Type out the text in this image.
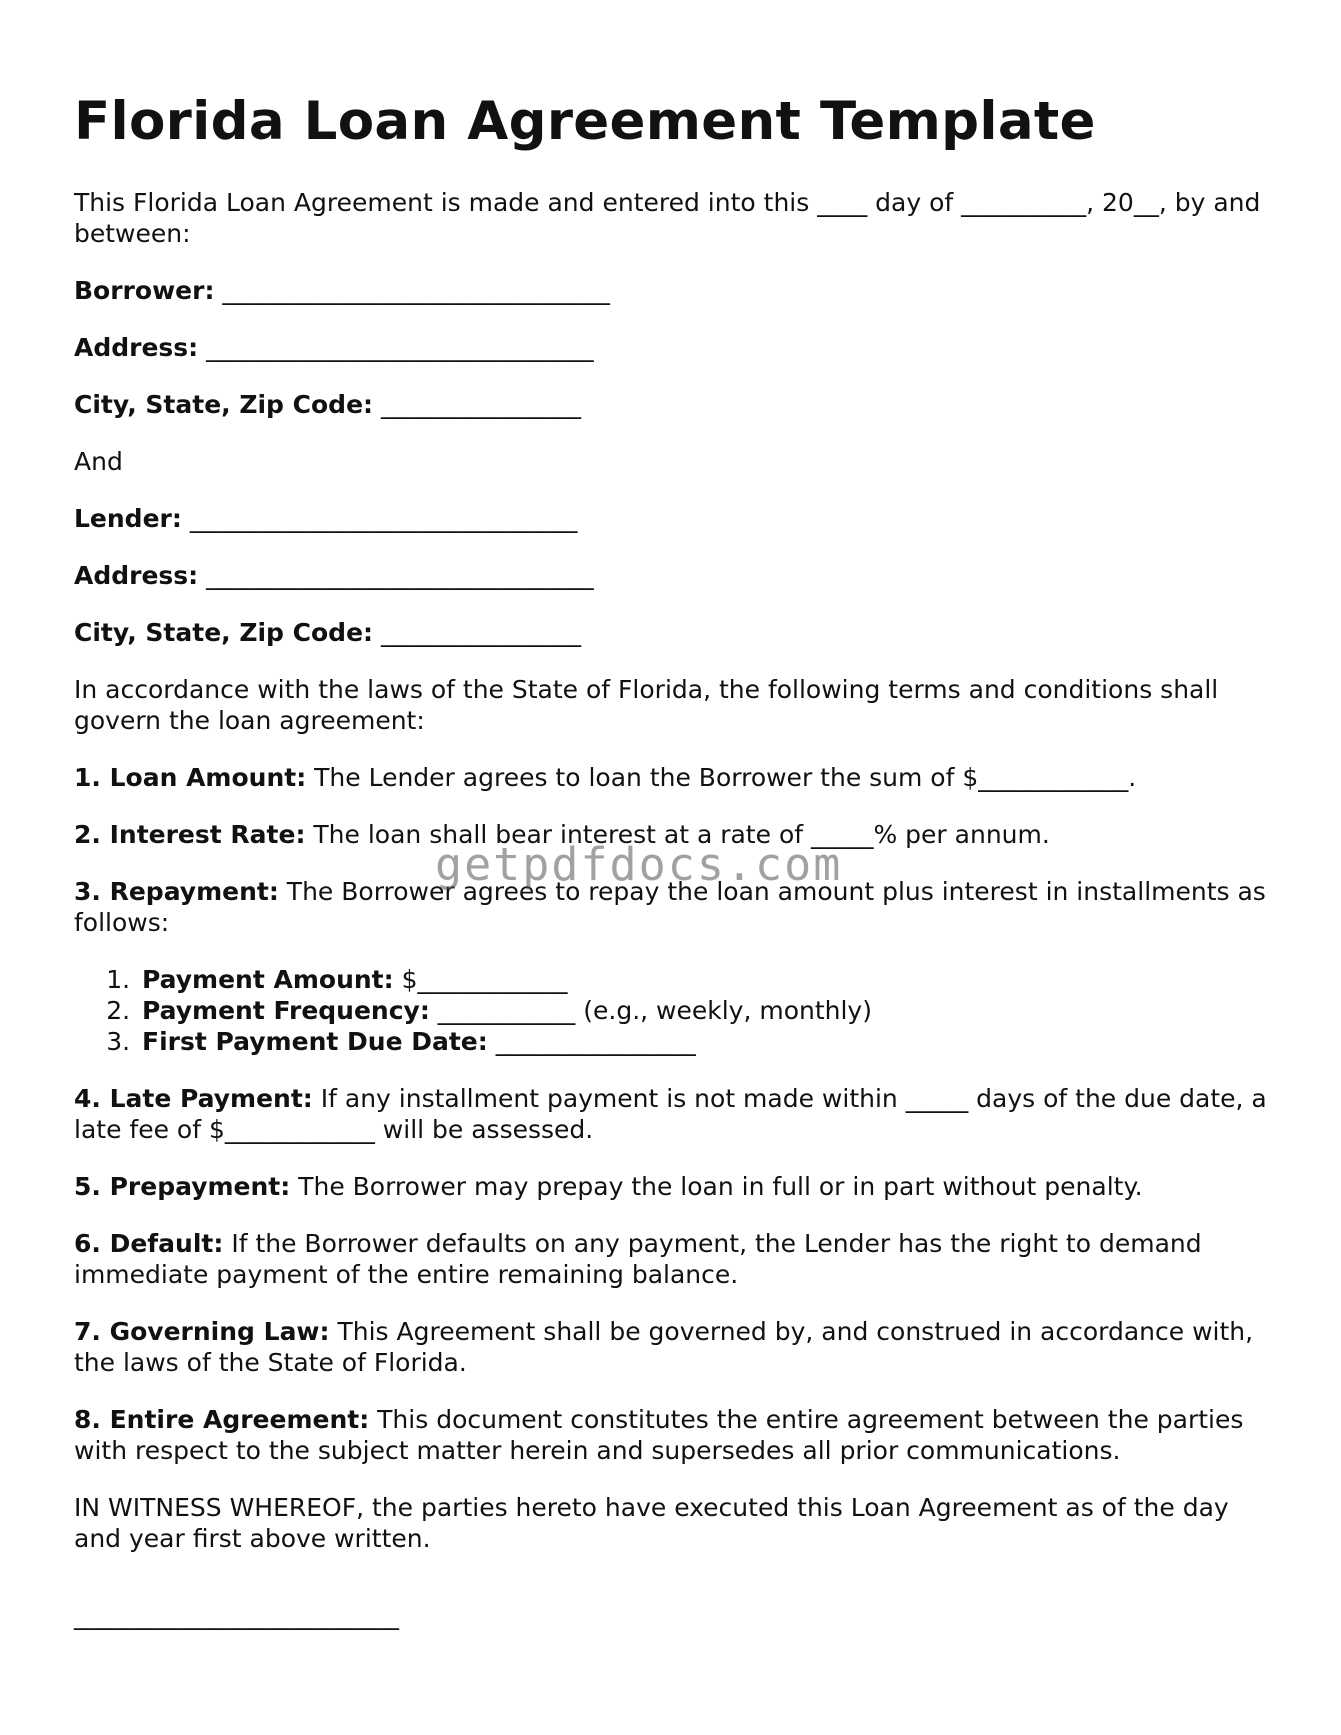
Florida Loan Agreement Template

This Florida Loan Agreement is made and entered into this ____ day of __________, 20__, by and between:

Borrower: _______________________________

Address: _______________________________

City, State, Zip Code: ________________

And

Lender: _______________________________

Address: _______________________________

City, State, Zip Code: ________________

In accordance with the laws of the State of Florida, the following terms and conditions shall govern the loan agreement:

1. Loan Amount: The Lender agrees to loan the Borrower the sum of $____________.

2. Interest Rate: The loan shall bear interest at a rate of _____% per annum.

3. Repayment: The Borrower agrees to repay the loan amount plus interest in installments as follows:

1. Payment Amount: $____________
2. Payment Frequency: ___________ (e.g., weekly, monthly)
3. First Payment Due Date: ________________

4. Late Payment: If any installment payment is not made within _____ days of the due date, a late fee of $____________ will be assessed.

5. Prepayment: The Borrower may prepay the loan in full or in part without penalty.

6. Default: If the Borrower defaults on any payment, the Lender has the right to demand immediate payment of the entire remaining balance.

7. Governing Law: This Agreement shall be governed by, and construed in accordance with, the laws of the State of Florida.

8. Entire Agreement: This document constitutes the entire agreement between the parties with respect to the subject matter herein and supersedes all prior communications.

IN WITNESS WHEREOF, the parties hereto have executed this Loan Agreement as of the day and year first above written.

__________________________
getpdfdocs.com
